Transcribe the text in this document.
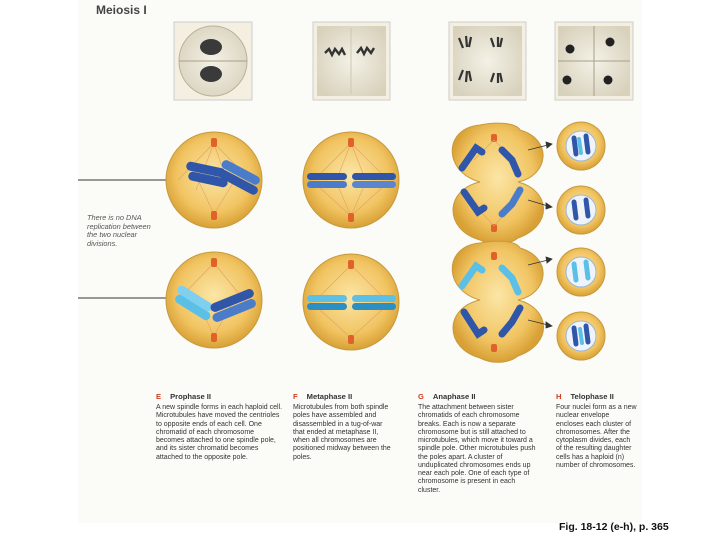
Meiosis I
There is no DNA replication between the two nuclear divisions.
E Prophase II	F Metaphase II	G Anaphase II	H Telophase II
A new spindle forms in each haploid cell. Microtubules have moved the centrioles to opposite ends of each cell. One chromatid of each chromosome becomes attached to one spindle pole, and its sister chromatid becomes attached to the opposite pole.
Microtubules from both spindle poles have assembled and disassembled in a tug-of-war that ended at metaphase II, when all chromosomes are positioned midway between the poles.
The attachment between sister chromatids of each chromosome breaks. Each is now a separate chromosome but is still attached to microtubules, which move it toward a spindle pole. Other microtubules push the poles apart. A cluster of unduplicated chromosomes ends up near each pole. One of each type of chromosome is present in each cluster.
Four nuclei form as a new nuclear envelope encloses each cluster of chromosomes. After the cytoplasm divides, each of the resulting daughter cells has a haploid (n) number of chromosomes.
Fig. 18-12 (e-h), p. 365
